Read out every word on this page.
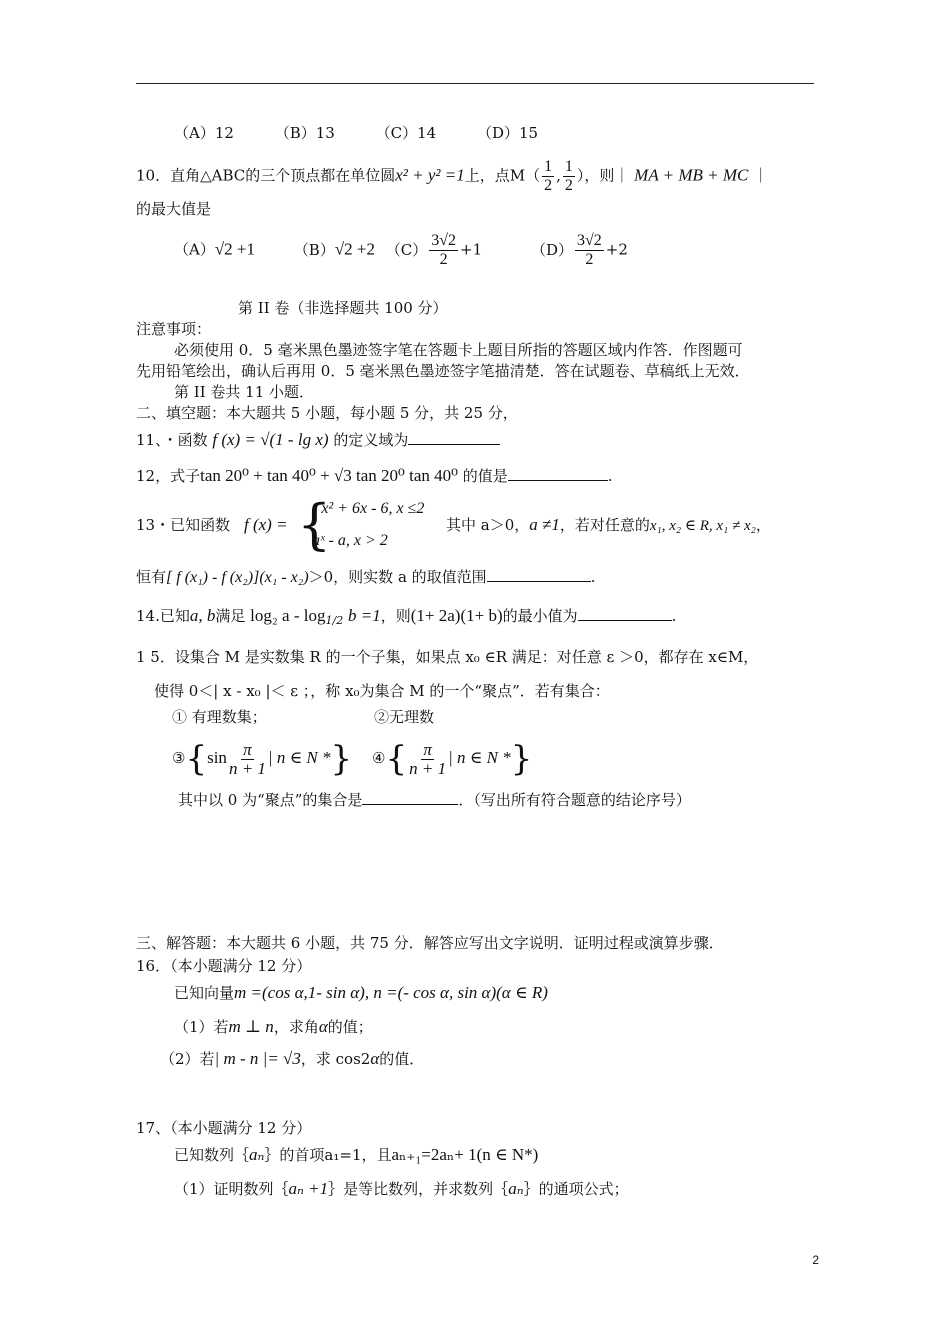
（A）12	（B）13	（C）14	（D）15
10．直角△ABC的三个顶点都在单位圆x² + y² =1上，点$M( \frac{1}{2}$ , $\frac{1}{2}$ ），则｜ MA + MB + MC ｜
的最大值是
（A）√2 +1	（B）√2 +2 $(C) \frac{3√2}{2} +1$	$(D) \frac{3√2}{2} +2$
第 II 卷（非选择题共 100 分）
注意事项：
必须使用 0．5 毫米黑色墨迹签字笔在答题卡上题目所指的答题区域内作答．作图题可
先用铅笔绘出，确认后再用 0．5 毫米黑色墨迹签字笔描清楚．答在试题卷、草稿纸上无效．
第 II 卷共 11 小题．
二、填空题：本大题共 5 小题，每小题 5 分，共 25 分，
11、・函数 f (x) = √(1 - lg x) 的定义域为
12，式子tan 20⁰ + tan 40⁰ + √3 tan 20⁰ tan 40⁰ 的值是	.
13・已知函数 f (x) = {
- x² + 6x - 6, x ≤2
aˣ - a, x > 2
其中 a＞0，a ≠1，若对任意的x₁, x₂ ∈ R, x₁ ≠ x₂，
恒有[ f (x₁) - f (x₂)](x₁ - x₂)＞0，则实数 a 的取值范围	.
14.已知a, b满足 log₂ $a - \log_{1/2} b =1$，则(1+ 2a)(1+ b)的最小值为	.
1 5．设集合 M 是实数集 R 的一个子集，如果点 x₀ ∈R 满足：对任意 ε ＞0，都存在 x∈M，
使得 0＜| x - x₀ |＜ ε ；，称 x₀为集合 M 的一个“聚点”．若有集合：
① 有理数集；	②无理数
③{sin $\frac{\pi}{n + 1}$ | n ∈ N *} ④{ $\frac{\pi}{n + 1}$ | n ∈ N *}
其中以 0 为“聚点”的集合是	．（写出所有符合题意的结论序号）
三、解答题：本大题共 6 小题，共 75 分．解答应写出文字说明．证明过程或演算步骤．
16．（本小题满分 12 分）
已知向量m =(cos α,1- sin α), n =(- cos α, sin α)(α ∈ R)
（1）若m ⊥ n，求角α的值；
（2）若| m - n |= √3，求 cos2α的值．
17、（本小题满分 12 分）
已知数列｛aₙ｝的首项a₁=1，且aₙ₊₁=2aₙ+ 1(n ∈ N*)
（1）证明数列｛aₙ +1｝是等比数列，并求数列｛aₙ｝的通项公式；
2
